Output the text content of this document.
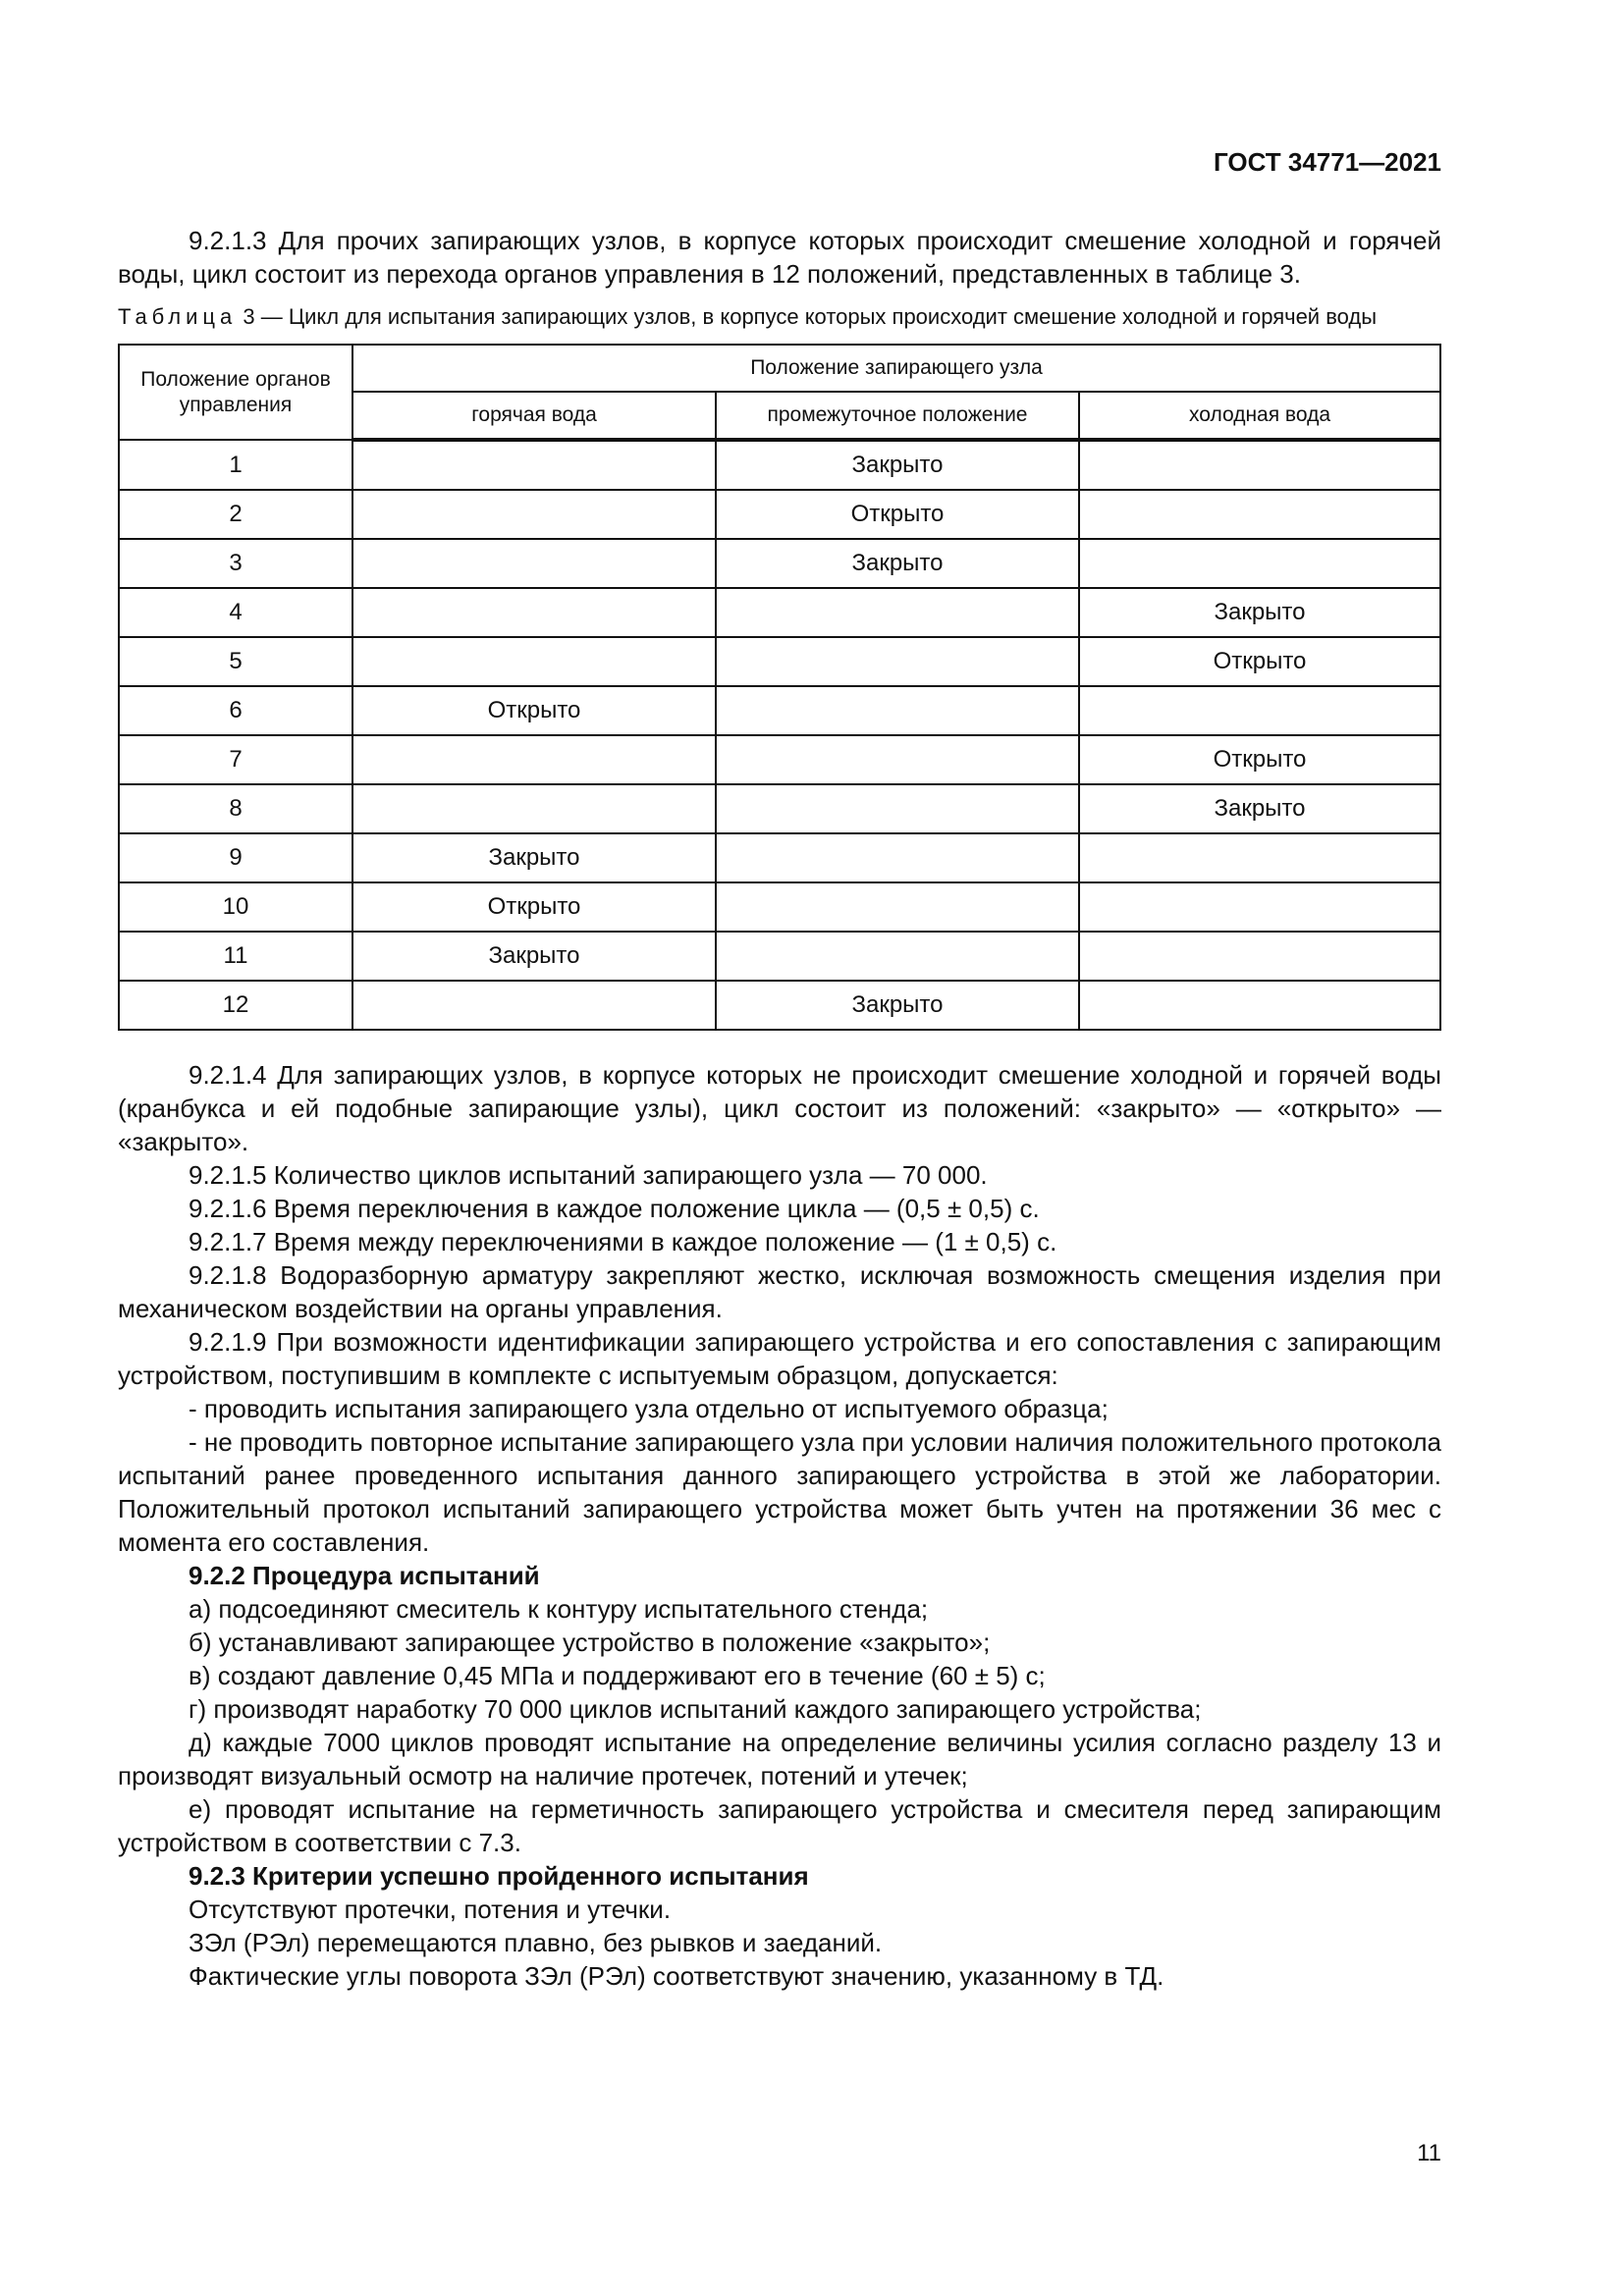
ГОСТ 34771—2021

9.2.1.3 Для прочих запирающих узлов, в корпусе которых происходит смешение холодной и горячей воды, цикл состоит из перехода органов управления в 12 положений, представленных в таблице 3.

Таблица 3 — Цикл для испытания запирающих узлов, в корпусе которых происходит смешение холодной и горячей воды
Положение органов управления	Положение запирающего узла		
	горячая вода	промежуточное положение	холодная вода
1		Закрыто	
2		Открыто	
3		Закрыто	
4			Закрыто
5			Открыто
6	Открыто		
7			Открыто
8			Закрыто
9	Закрыто		
10	Открыто		
11	Закрыто		
12		Закрыто	

9.2.1.4 Для запирающих узлов, в корпусе которых не происходит смешение холодной и горячей воды (кранбукса и ей подобные запирающие узлы), цикл состоит из положений: «закрыто» — «открыто» — «закрыто».

9.2.1.5 Количество циклов испытаний запирающего узла — 70 000.

9.2.1.6 Время переключения в каждое положение цикла — (0,5 ± 0,5) с.

9.2.1.7 Время между переключениями в каждое положение — (1 ± 0,5) с.

9.2.1.8 Водоразборную арматуру закрепляют жестко, исключая возможность смещения изделия при механическом воздействии на органы управления.

9.2.1.9 При возможности идентификации запирающего устройства и его сопоставления с запирающим устройством, поступившим в комплекте с испытуемым образцом, допускается:

- проводить испытания запирающего узла отдельно от испытуемого образца;

- не проводить повторное испытание запирающего узла при условии наличия положительного протокола испытаний ранее проведенного испытания данного запирающего устройства в этой же лаборатории. Положительный протокол испытаний запирающего устройства может быть учтен на протяжении 36 мес с момента его составления.

9.2.2 Процедура испытаний

а) подсоединяют смеситель к контуру испытательного стенда;

б) устанавливают запирающее устройство в положение «закрыто»;

в) создают давление 0,45 МПа и поддерживают его в течение (60 ± 5) с;

г) производят наработку 70 000 циклов испытаний каждого запирающего устройства;

д) каждые 7000 циклов проводят испытание на определение величины усилия согласно разделу 13 и производят визуальный осмотр на наличие протечек, потений и утечек;

е) проводят испытание на герметичность запирающего устройства и смесителя перед запирающим устройством в соответствии с 7.3.

9.2.3 Критерии успешно пройденного испытания

Отсутствуют протечки, потения и утечки.

ЗЭл (РЭл) перемещаются плавно, без рывков и заеданий.

Фактические углы поворота ЗЭл (РЭл) соответствуют значению, указанному в ТД.

11
